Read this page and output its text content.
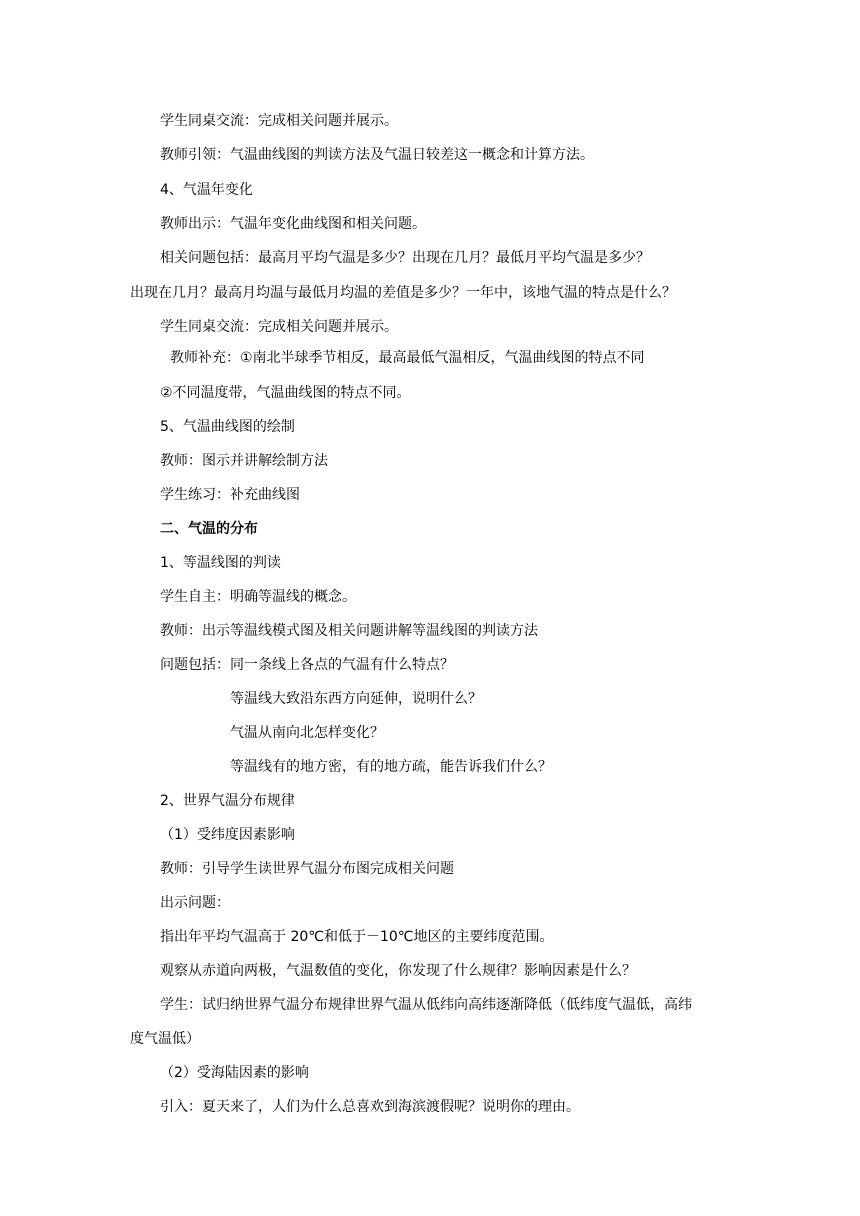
学生同桌交流：完成相关问题并展示。
教师引领：气温曲线图的判读方法及气温日较差这一概念和计算方法。
4、气温年变化
教师出示：气温年变化曲线图和相关问题。
相关问题包括：最高月平均气温是多少？出现在几月？最低月平均气温是多少？
出现在几月？最高月均温与最低月均温的差值是多少？一年中，该地气温的特点是什么？
学生同桌交流：完成相关问题并展示。
教师补充：①南北半球季节相反，最高最低气温相反，气温曲线图的特点不同
②不同温度带，气温曲线图的特点不同。
5、气温曲线图的绘制
教师：图示并讲解绘制方法
学生练习：补充曲线图
二、气温的分布
1、等温线图的判读
学生自主：明确等温线的概念。
教师：出示等温线模式图及相关问题讲解等温线图的判读方法
问题包括：同一条线上各点的气温有什么特点？
等温线大致沿东西方向延伸，说明什么？
气温从南向北怎样变化？
等温线有的地方密，有的地方疏，能告诉我们什么？
2、世界气温分布规律
（1）受纬度因素影响
教师：引导学生读世界气温分布图完成相关问题
出示问题：
指出年平均气温高于 20℃和低于－10℃地区的主要纬度范围。
观察从赤道向两极，气温数值的变化，你发现了什么规律？影响因素是什么？
学生：试归纳世界气温分布规律世界气温从低纬向高纬逐渐降低（低纬度气温低，高纬
度气温低）
（2）受海陆因素的影响
引入：夏天来了，人们为什么总喜欢到海滨渡假呢？说明你的理由。
